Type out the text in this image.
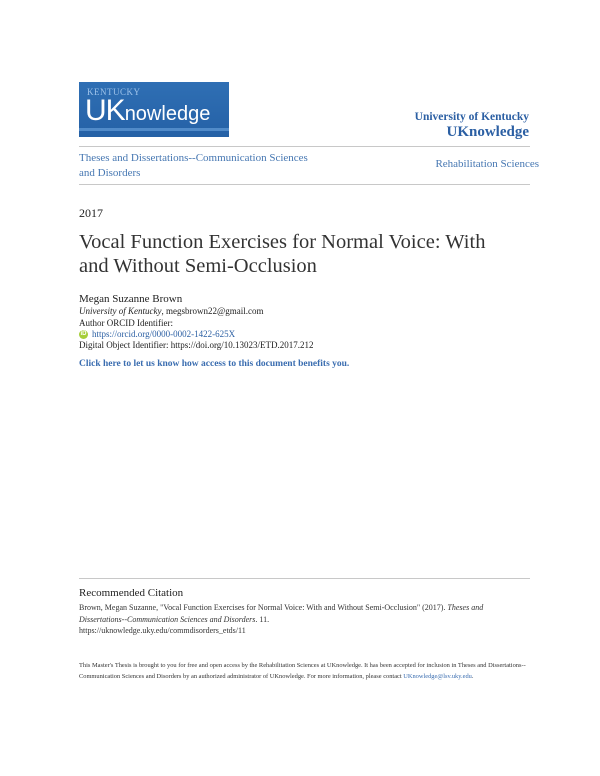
KENTUCKY
UKnowledge	University of Kentucky
UKnowledge
Theses and Dissertations--Communication Sciences and Disorders
Rehabilitation Sciences
2017
Vocal Function Exercises for Normal Voice: With and Without Semi-Occlusion
Megan Suzanne Brown
University of Kentucky, megsbrown22@gmail.com
Author ORCID Identifier:
iD https://orcid.org/0000-0002-1422-625X
Digital Object Identifier: https://doi.org/10.13023/ETD.2017.212
Click here to let us know how access to this document benefits you.
Recommended Citation
Brown, Megan Suzanne, "Vocal Function Exercises for Normal Voice: With and Without Semi-Occlusion" (2017). Theses and Dissertations--Communication Sciences and Disorders. 11.
https://uknowledge.uky.edu/commdisorders_etds/11
This Master's Thesis is brought to you for free and open access by the Rehabilitation Sciences at UKnowledge. It has been accepted for inclusion in Theses and Dissertations--Communication Sciences and Disorders by an authorized administrator of UKnowledge. For more information, please contact UKnowledge@lsv.uky.edu.
